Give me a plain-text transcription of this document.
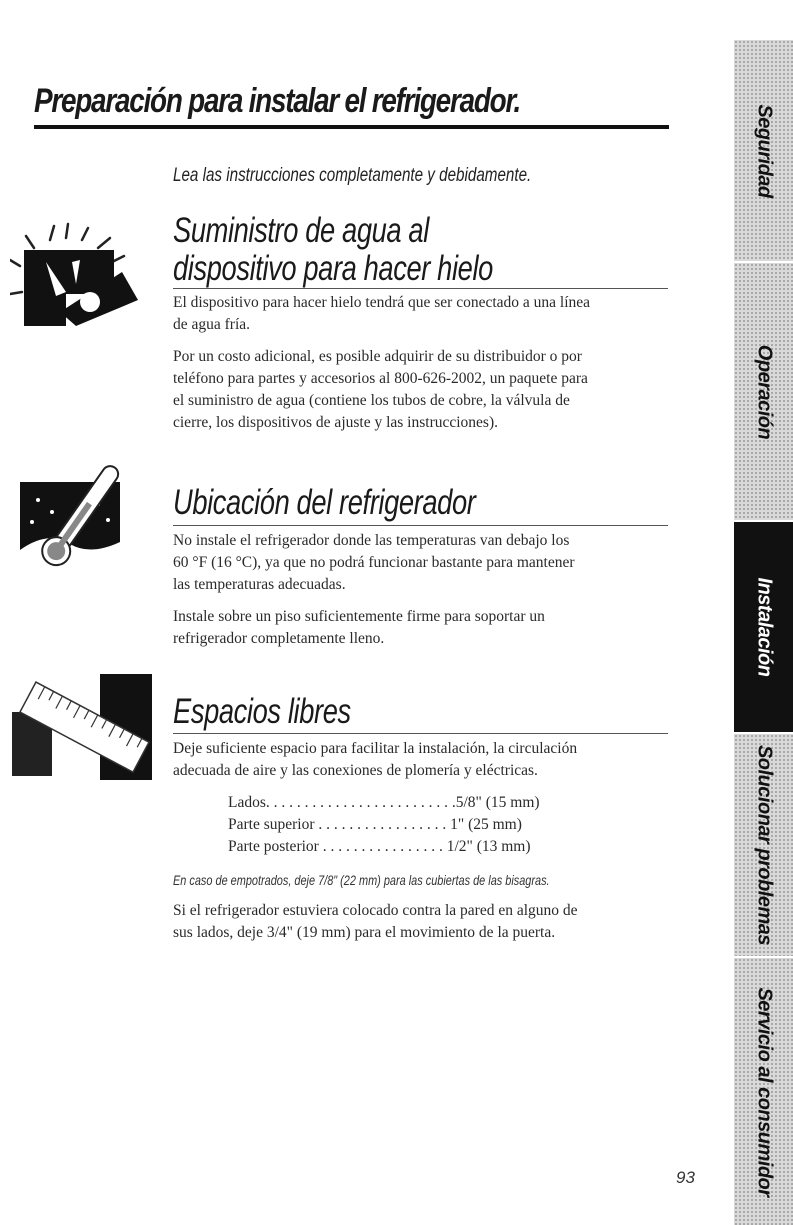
Preparación para instalar el refrigerador.
Lea las instrucciones completamente y debidamente.
Suministro de agua al
dispositivo para hacer hielo

El dispositivo para hacer hielo tendrá que ser conectado a una línea

de agua fría.

Por un costo adicional, es posible adquirir de su distribuidor o por

teléfono para partes y accesorios al 800-626-2002, un paquete para

el suministro de agua (contiene los tubos de cobre, la válvula de

cierre, los dispositivos de ajuste y las instrucciones).

Ubicación del refrigerador

No instale el refrigerador donde las temperaturas van debajo los

60 °F (16 °C), ya que no podrá funcionar bastante para mantener

las temperaturas adecuadas.

Instale sobre un piso suficientemente firme para soportar un

refrigerador completamente lleno.

Espacios libres

Deje suficiente espacio para facilitar la instalación, la circulación

adecuada de aire y las conexiones de plomería y eléctricas.

Lados. . . . . . . . . . . . . . . . . . . . . . . . .5/8" (15 mm)
Parte superior . . . . . . . . . . . . . . . . . 1" (25 mm)
Parte posterior . . . . . . . . . . . . . . . . 1/2" (13 mm)
En caso de empotrados, deje 7/8" (22 mm) para las cubiertas de las bisagras.

Si el refrigerador estuviera colocado contra la pared en alguno de

sus lados, deje 3/4" (19 mm) para el movimiento de la puerta.

Seguridad
Operación
Instalación
Solucionar problemas
Servicio al consumidor
93
